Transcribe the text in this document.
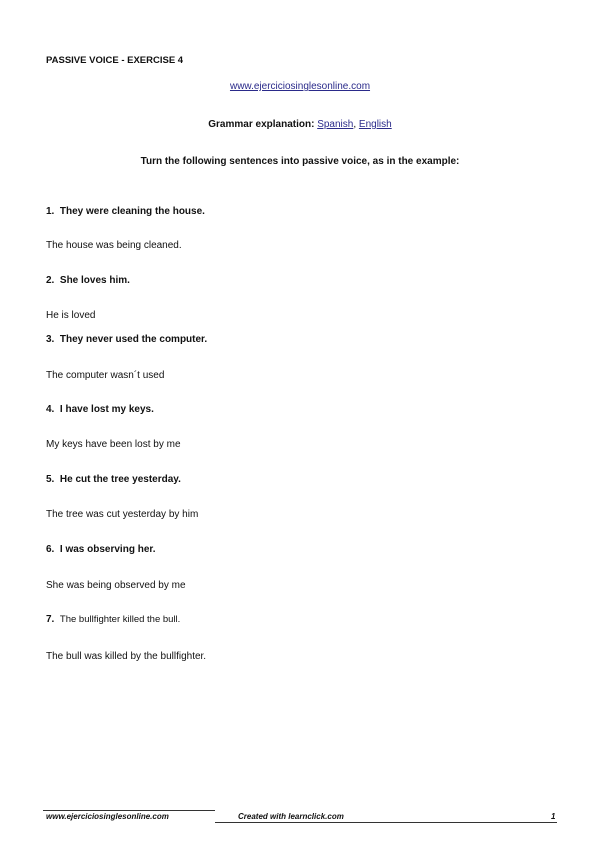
PASSIVE VOICE - EXERCISE 4
www.ejerciciosinglesonline.com
Grammar explanation: Spanish, English
Turn the following sentences into passive voice, as in the example:
1. They were cleaning the house.
The house was being cleaned.
2. She loves him.
He is loved
3. They never used the computer.
The computer wasn´t used
4. I have lost my keys.
My keys have been lost by me
5. He cut the tree yesterday.
The tree was cut yesterday by him
6. I was observing her.
She was being observed by me
7. The bullfighter killed the bull.
The bull was killed by the bullfighter.
www.ejerciciosinglesonline.com	Created with learnclick.com	1
